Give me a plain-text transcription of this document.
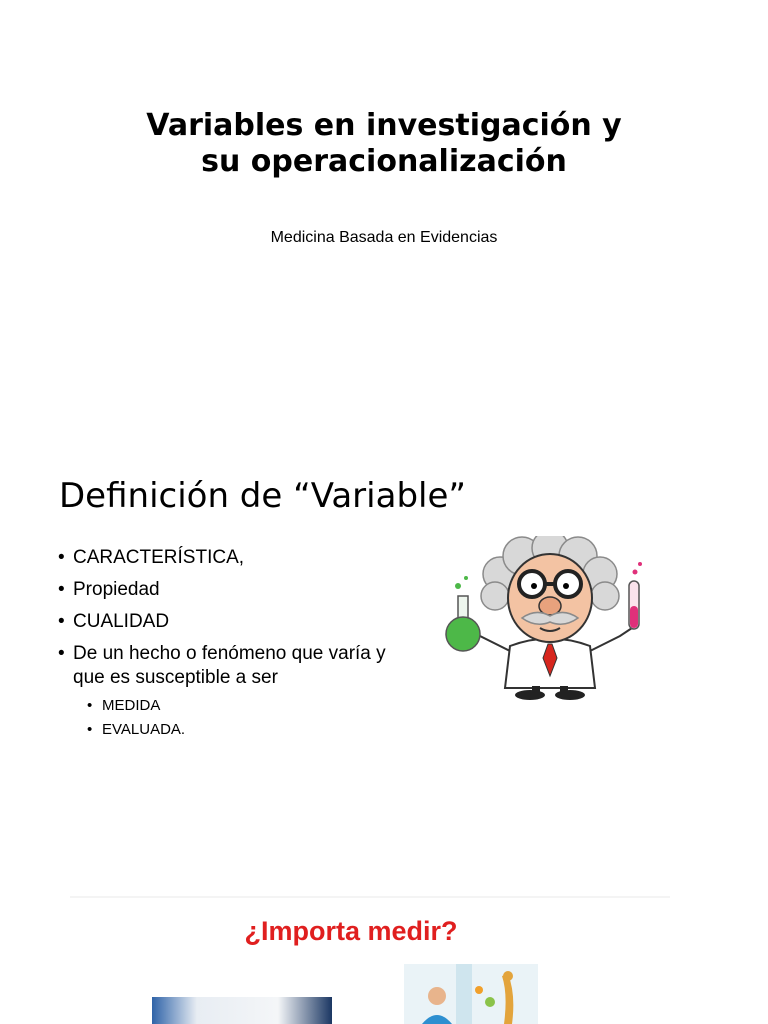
Variables en investigación y
su operacionalización
Medicina Basada en Evidencias
Definición de “Variable”
• CARACTERÍSTICA,
• Propiedad
• CUALIDAD
• De un hecho o fenómeno que varía y que es susceptible a ser
• MEDIDA
• EVALUADA.
¿Importa medir?
